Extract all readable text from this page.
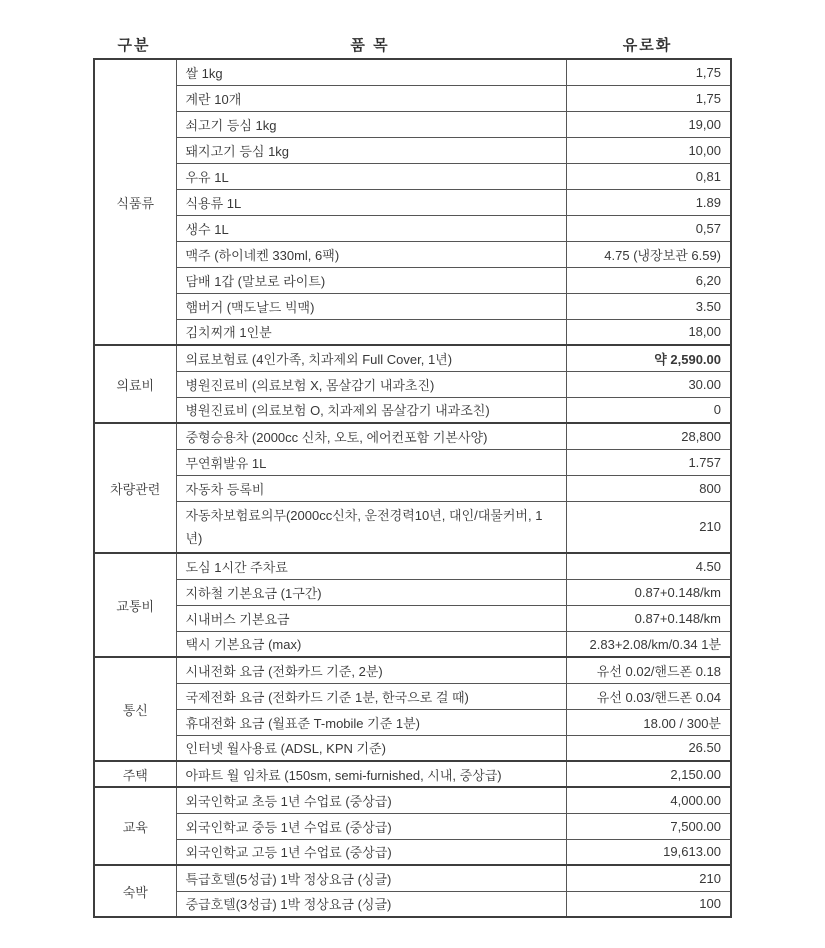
구분	품 목	유로화
식품류	쌀 1kg	1,75
	계란 10개	1,75
	쇠고기 등심 1kg	19,00
	돼지고기 등심 1kg	10,00
	우유 1L	0,81
	식용류 1L	1.89
	생수 1L	0,57
	맥주 (하이네켄 330ml, 6팩)	4.75 (냉장보관 6.59)
	담배 1갑 (말보로 라이트)	6,20
	햄버거 (맥도날드 빅맥)	3.50
	김치찌개 1인분	18,00
의료비	의료보험료 (4인가족, 치과제외 Full Cover, 1년)	약 2,590.00
	병원진료비 (의료보험 X, 몸살감기 내과초진)	30.00
	병원진료비 (의료보험 O, 치과제외 몸살감기 내과조친)	0
차량관련	중형승용차 (2000cc 신차, 오토, 에어컨포함 기본사양)	28,800
	무연휘발유 1L	1.757
	자동차 등록비	800
	자동차보험료의무(2000cc신차, 운전경력10년, 대인/대물커버, 1년)	210
교통비	도심 1시간 주차료	4.50
	지하철 기본요금 (1구간)	0.87+0.148/km
	시내버스 기본요금	0.87+0.148/km
	택시 기본요금 (max)	2.83+2.08/km/0.34 1분
통신	시내전화 요금 (전화카드 기준, 2분)	유선 0.02/핸드폰 0.18
	국제전화 요금 (전화카드 기준 1분, 한국으로 걸 때)	유선 0.03/핸드폰 0.04
	휴대전화 요금 (월표준 T-mobile 기준 1분)	18.00 / 300분
	인터넷 월사용료 (ADSL, KPN 기준)	26.50
주택	아파트 월 임차료 (150sm, semi-furnished, 시내, 중상급)	2,150.00
교육	외국인학교 초등 1년 수업료 (중상급)	4,000.00
	외국인학교 중등 1년 수업료 (중상급)	7,500.00
	외국인학교 고등 1년 수업료 (중상급)	19,613.00
숙박	특급호텔(5성급) 1박 정상요금 (싱글)	210
	중급호텔(3성급) 1박 정상요금 (싱글)	100
